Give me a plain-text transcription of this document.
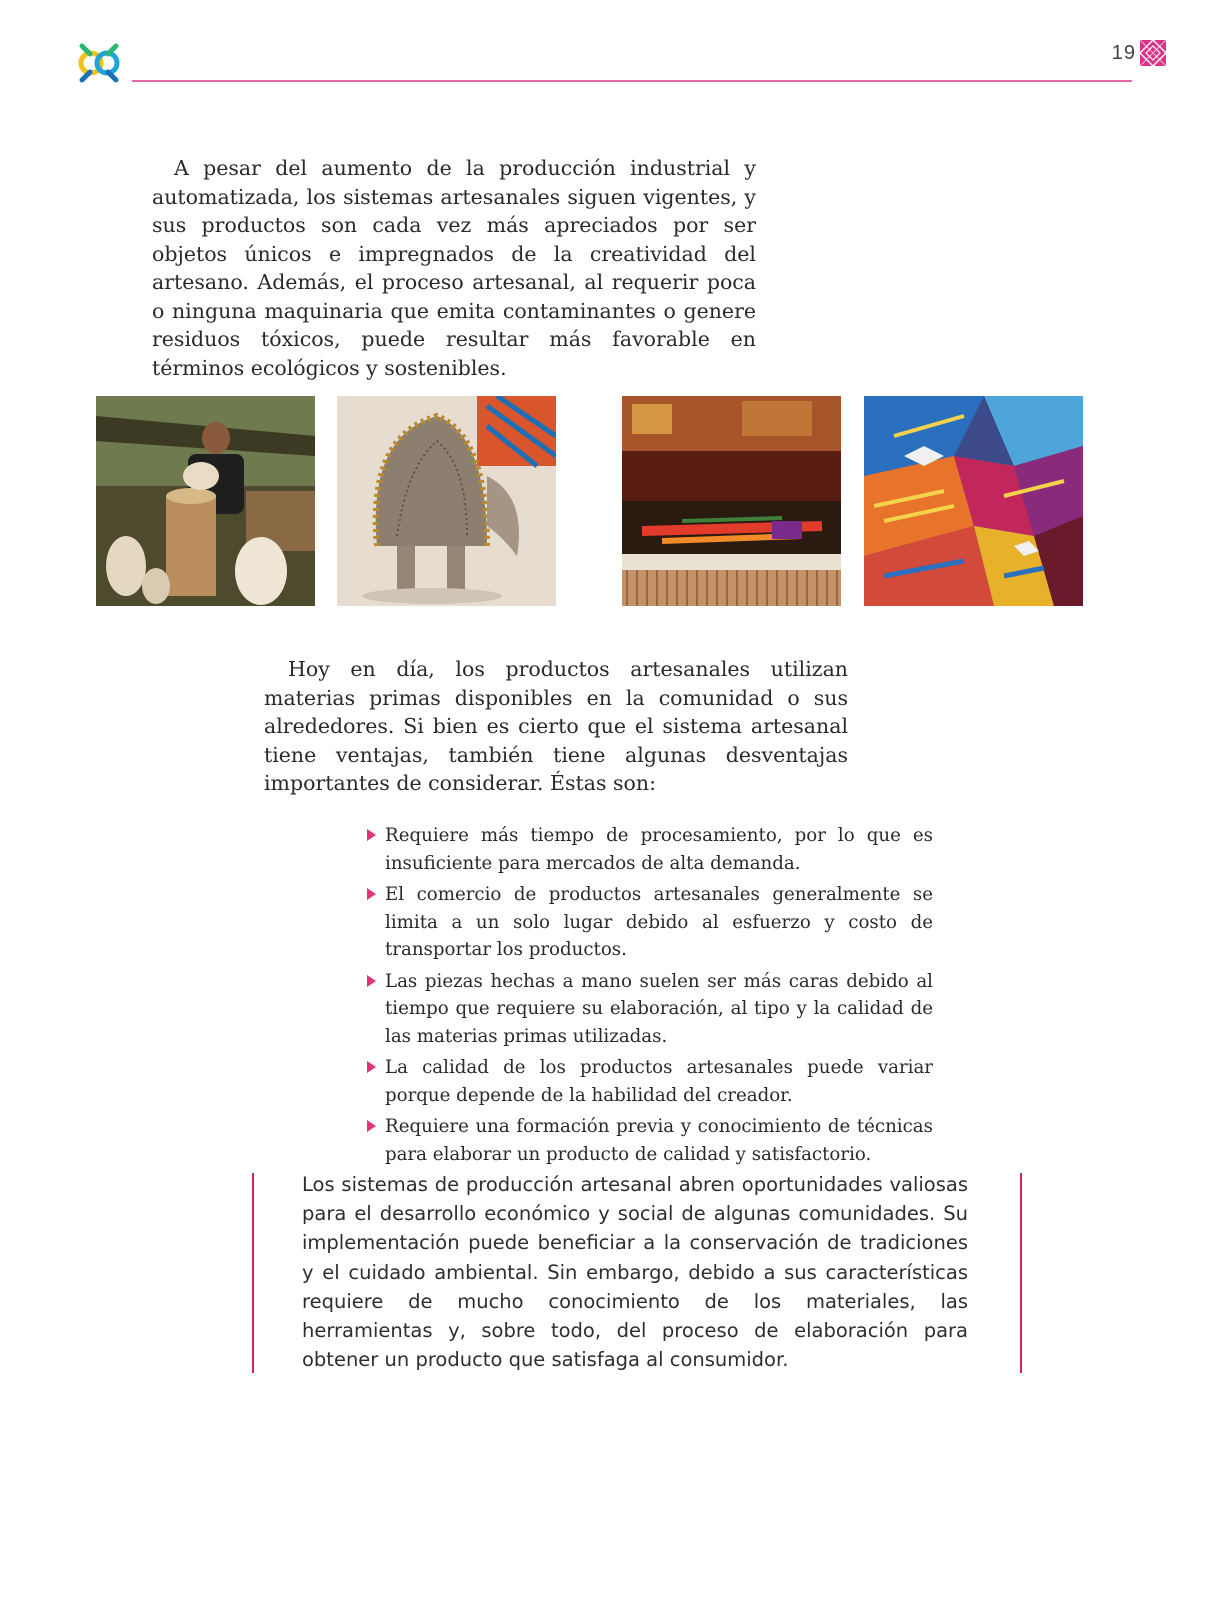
19

A pesar del aumento de la producción industrial y automatizada, los sistemas artesanales siguen vigentes, y sus productos son cada vez más apreciados por ser objetos únicos e impregnados de la creatividad del artesano. Además, el proceso artesanal, al requerir poca o ninguna maquinaria que emita contaminantes o genere residuos tóxicos, puede resultar más favorable en términos ecológicos y sostenibles.

Hoy en día, los productos artesanales utilizan materias primas disponibles en la comunidad o sus alrededores. Si bien es cierto que el sistema artesanal tiene ventajas, también tiene algunas desventajas importantes de considerar. Éstas son:

Requiere más tiempo de procesamiento, por lo que es insuficiente para mercados de alta demanda.
El comercio de productos artesanales generalmente se limita a un solo lugar debido al esfuerzo y costo de transportar los productos.
Las piezas hechas a mano suelen ser más caras debido al tiempo que requiere su elaboración, al tipo y la calidad de las materias primas utilizadas.
La calidad de los productos artesanales puede variar porque depende de la habilidad del creador.
Requiere una formación previa y conocimiento de técnicas para elaborar un producto de calidad y satisfactorio.

Los sistemas de producción artesanal abren oportunidades valiosas para el desarrollo económico y social de algunas comunidades. Su implementación puede beneficiar a la conservación de tradiciones y el cuidado ambiental. Sin embargo, debido a sus características requiere de mucho conocimiento de los materiales, las herramientas y, sobre todo, del proceso de elaboración para obtener un producto que satisfaga al consumidor.
